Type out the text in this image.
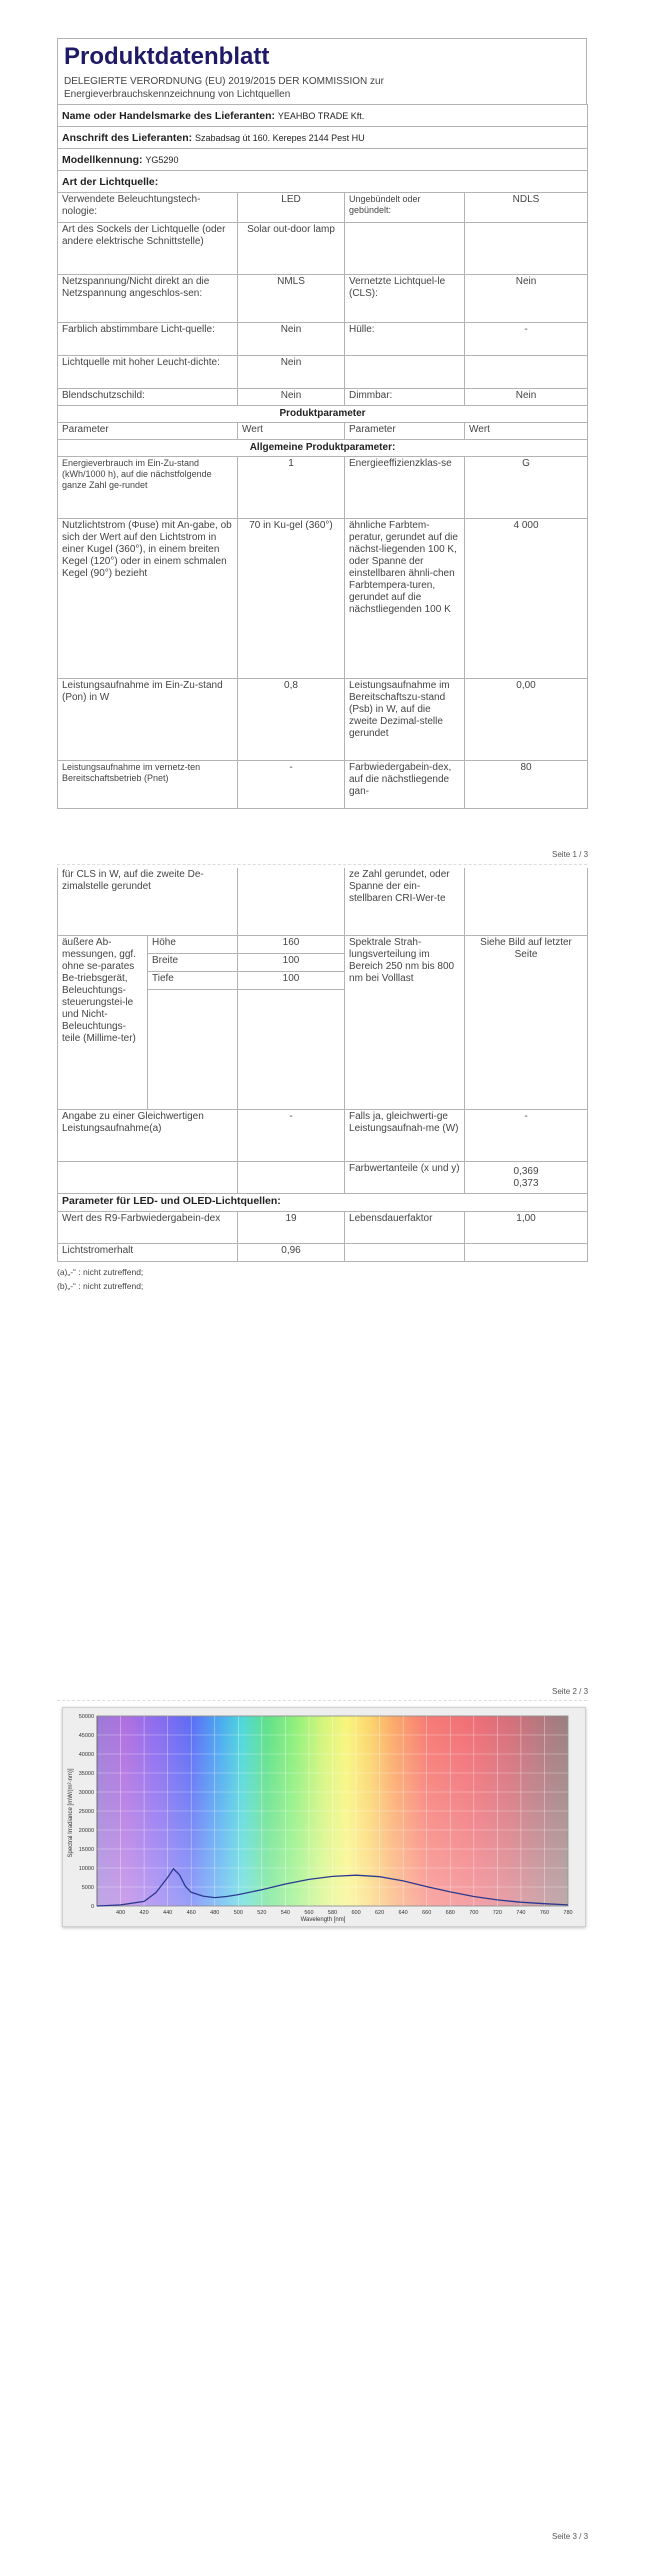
Produktdatenblatt
DELEGIERTE VERORDNUNG (EU) 2019/2015 DER KOMMISSION zur
Energieverbrauchskennzeichnung von Lichtquellen
Name oder Handelsmarke des Lieferanten: YEAHBO TRADE Kft.			
Anschrift des Lieferanten: Szabadsag út 160. Kerepes 2144 Pest HU			
Modellkennung: YG5290			
Art der Lichtquelle:			
Verwendete Beleuchtungstech-nologie:	LED	Ungebündelt oder gebündelt:	NDLS
Art des Sockels der Lichtquelle (oder andere elektrische Schnittstelle)	Solar out-door lamp		
Netzspannung/Nicht direkt an die Netzspannung angeschlos-sen:	NMLS	Vernetzte Lichtquel-le (CLS):	Nein
Farblich abstimmbare Licht-quelle:	Nein	Hülle:	-
Lichtquelle mit hoher Leucht-dichte:	Nein		
Blendschutzschild:	Nein	Dimmbar:	Nein
Produktparameter			
Parameter	Wert	Parameter	Wert
Allgemeine Produktparameter:			
Energieverbrauch im Ein-Zu-stand (kWh/1000 h), auf die nächstfolgende ganze Zahl ge-rundet	1	Energieeffizienzklas-se	G
Nutzlichtstrom (Φuse) mit An-gabe, ob sich der Wert auf den Lichtstrom in einer Kugel (360°), in einem breiten Kegel (120°) oder in einem schmalen Kegel (90°) bezieht	70 in Ku-gel (360°)	ähnliche Farbtem-peratur, gerundet auf die nächst-liegenden 100 K, oder Spanne der einstellbaren ähnli-chen Farbtempera-turen, gerundet auf die nächstliegenden 100 K	4 000
Leistungsaufnahme im Ein-Zu-stand (Pon) in W	0,8	Leistungsaufnahme im Bereitschaftszu-stand (Psb) in W, auf die zweite Dezimal-stelle gerundet	0,00
Leistungsaufnahme im vernetz-ten Bereitschaftsbetrieb (Pnet)	-	Farbwiedergabein-dex, auf die nächstliegende gan-	80
Seite 1 / 3
für CLS in W, auf die zweite De-zimalstelle gerundet			ze Zahl gerundet, oder Spanne der ein-stellbaren CRI-Wer-te	
äußere Ab-messungen, ggf. ohne se-parates Be-triebsgerät, Beleuchtungs-steuerungstei-le und Nicht-Beleuchtungs-teile (Millime-ter)	Höhe	160	Spektrale Strah-lungsverteilung im Bereich 250 nm bis 800 nm bei Volllast	Siehe Bild auf letzter Seite
	Breite	100		
	Tiefe	100		

Angabe zu einer Gleichwertigen Leistungsaufnahme(a)		-	Falls ja, gleichwerti-ge Leistungsaufnah-me (W)	-
			Farbwertanteile (x und y)	0,369
0,373

Parameter für LED- und OLED-Lichtquellen:				
Wert des R9-Farbwiedergabein-dex		19	Lebensdauerfaktor	1,00
Lichtstromerhalt		0,96		
(a)„-“ : nicht zutreffend;
(b)„-“ : nicht zutreffend;
Seite 2 / 3
0
5000
10000
15000
20000
25000
30000
35000
40000
45000
50000
400	420	440	460	480	500	520	540	560	580	600	620	640	660	680	700	720	740	760	780
Wavelength [nm]
Spectral Irradiance [mW/(m²·nm)]
Seite 3 / 3
